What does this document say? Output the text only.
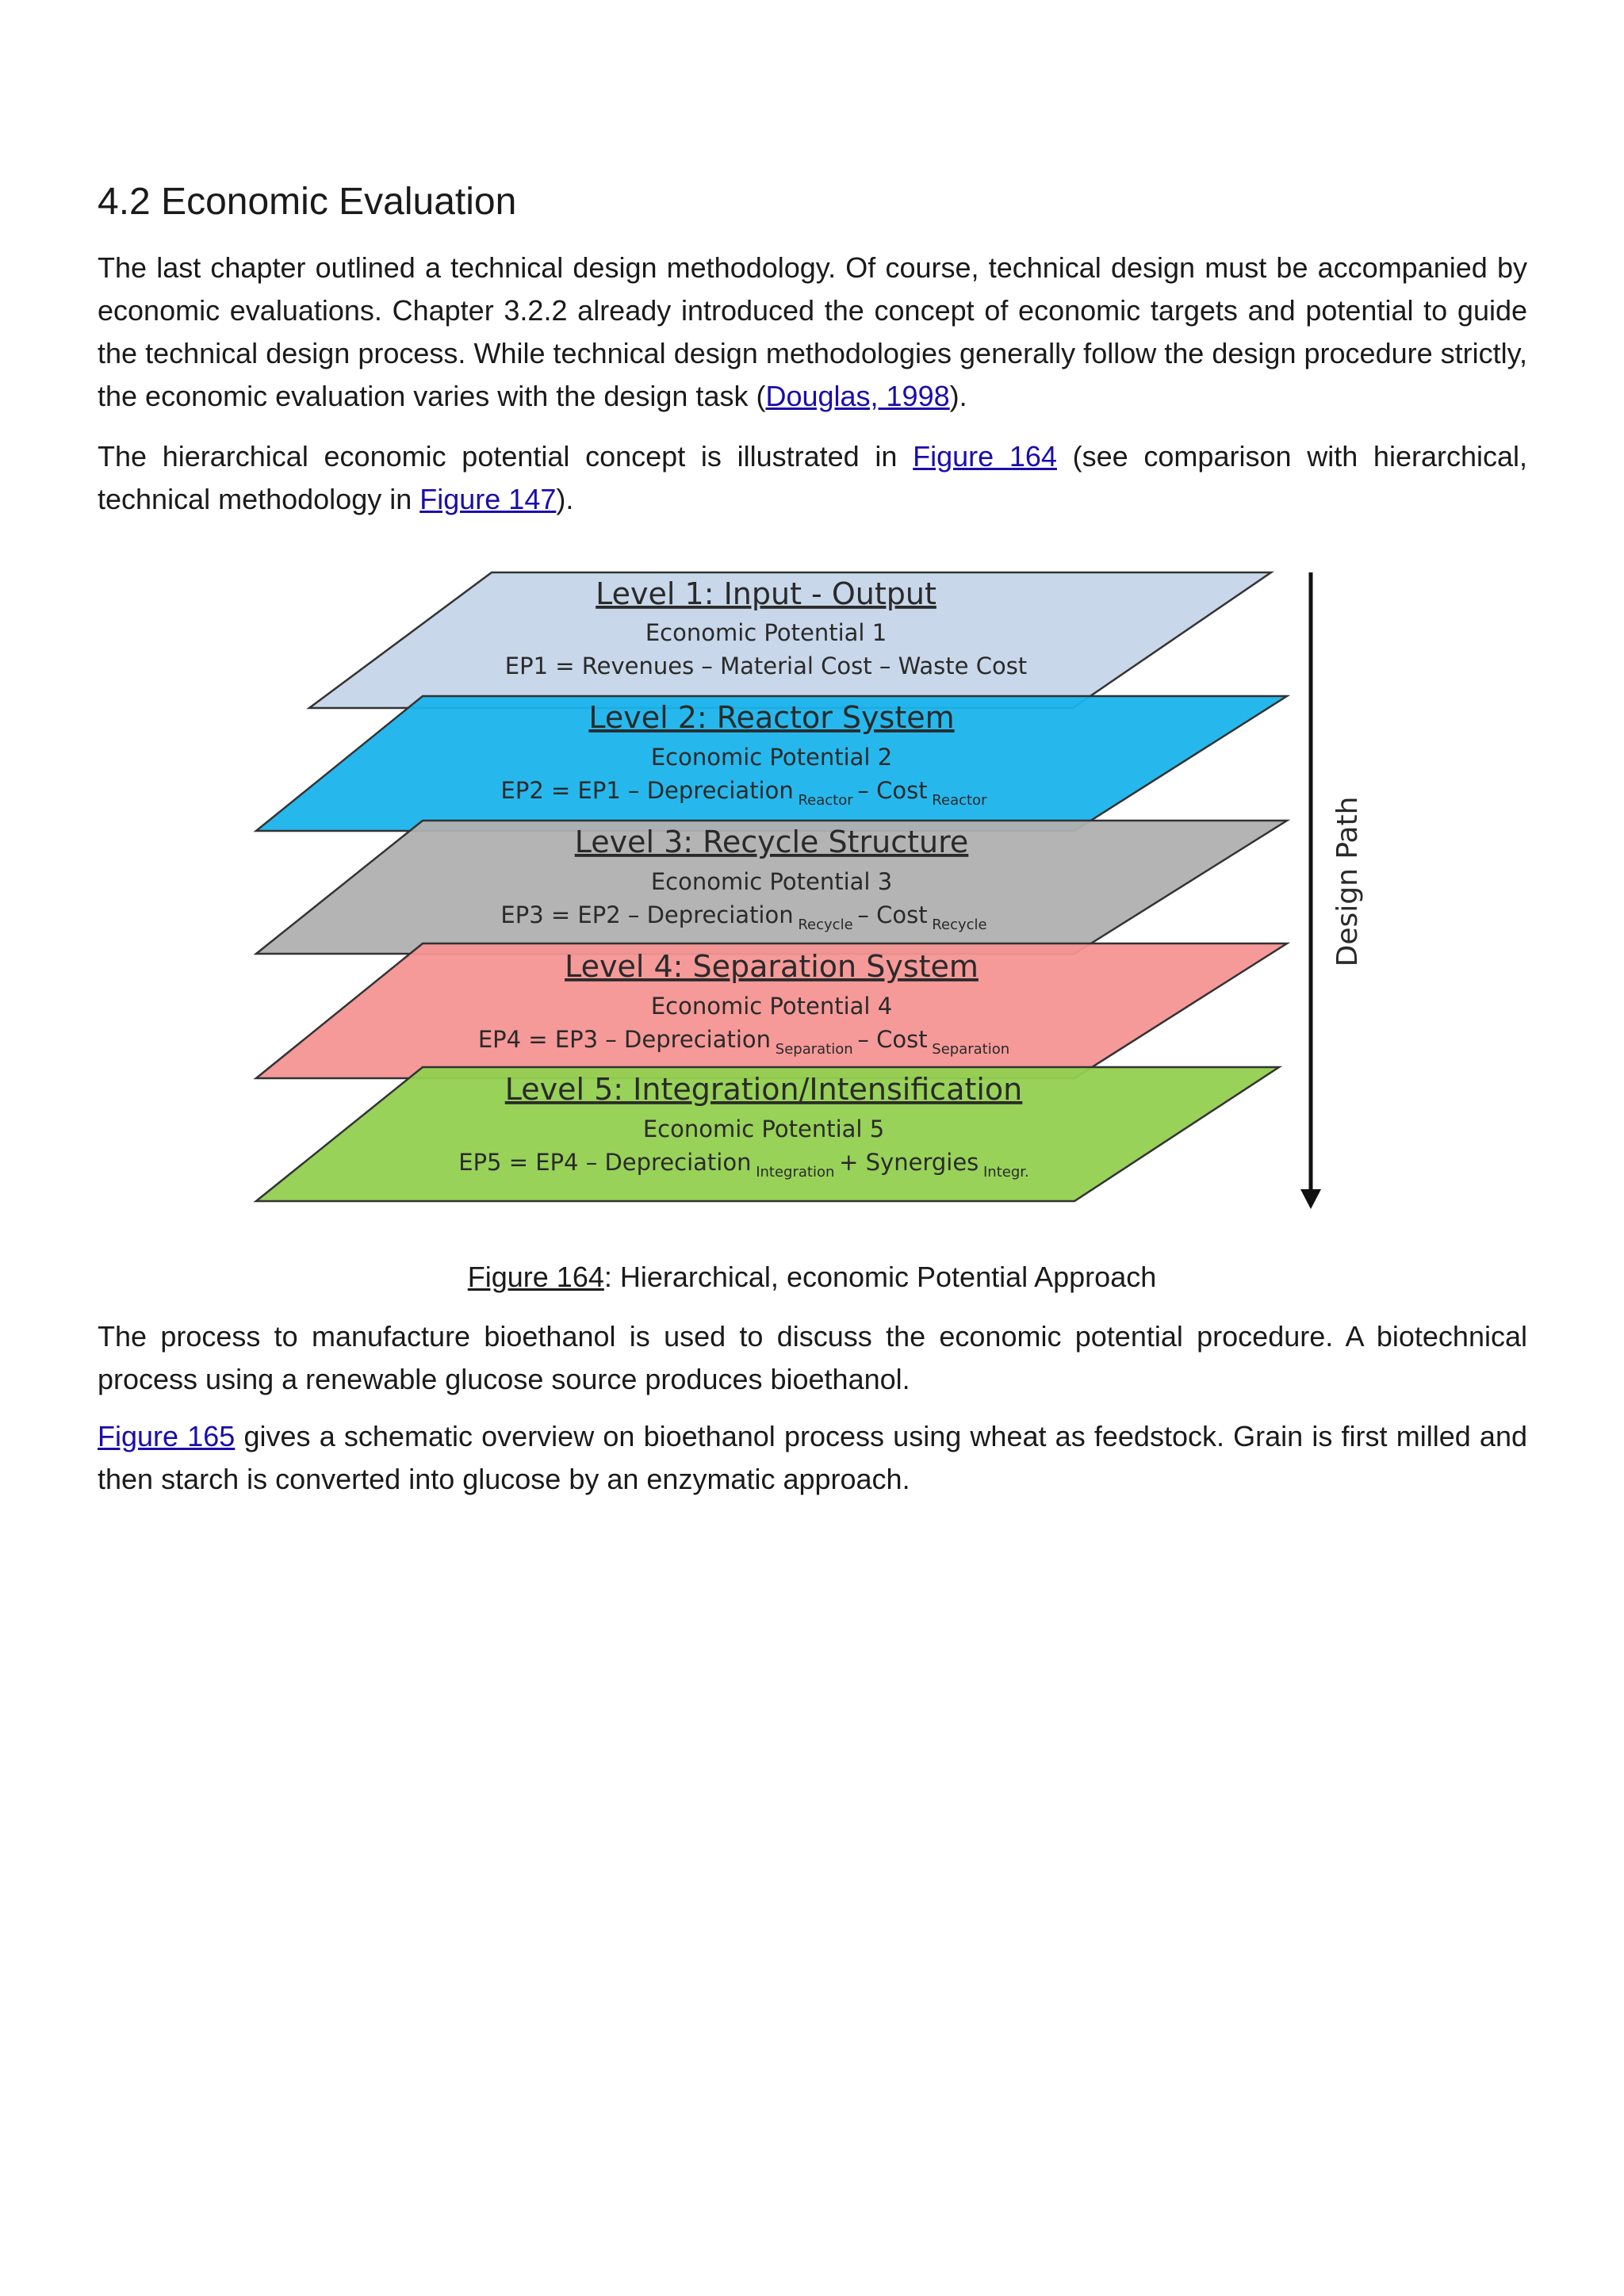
4.2 Economic Evaluation

The last chapter outlined a technical design methodology. Of course, technical design must be accompanied by economic evaluations. Chapter 3.2.2 already introduced the concept of economic targets and potential to guide the technical design process. While technical design methodologies generally follow the design procedure strictly, the economic evaluation varies with the design task (Douglas, 1998).

The hierarchical economic potential concept is illustrated in Figure 164 (see comparison with hierarchical, technical methodology in Figure 147).

Level 1: Input - Output
Economic Potential 1
EP1 = Revenues – Material Cost – Waste Cost
Level 2: Reactor System
Economic Potential 2
EP2 = EP1 – Depreciation $_{Reactor}$ – Cost $_{Reactor}$
Level 3: Recycle Structure
Economic Potential 3
EP3 = EP2 – Depreciation $_{Recycle}$ – Cost $_{Recycle}$
Level 4: Separation System
Economic Potential 4
EP4 = EP3 – Depreciation $_{Separation}$ – Cost $_{Separation}$
Level 5: Integration/Intensification
Economic Potential 5
EP5 = EP4 – Depreciation $_{Integration}$ + Synergies $_{Integr.}$
Design Path
Figure 164: Hierarchical, economic Potential Approach

The process to manufacture bioethanol is used to discuss the economic potential procedure. A biotechnical process using a renewable glucose source produces bioethanol.

Figure 165 gives a schematic overview on bioethanol process using wheat as feedstock. Grain is first milled and then starch is converted into glucose by an enzymatic approach.
